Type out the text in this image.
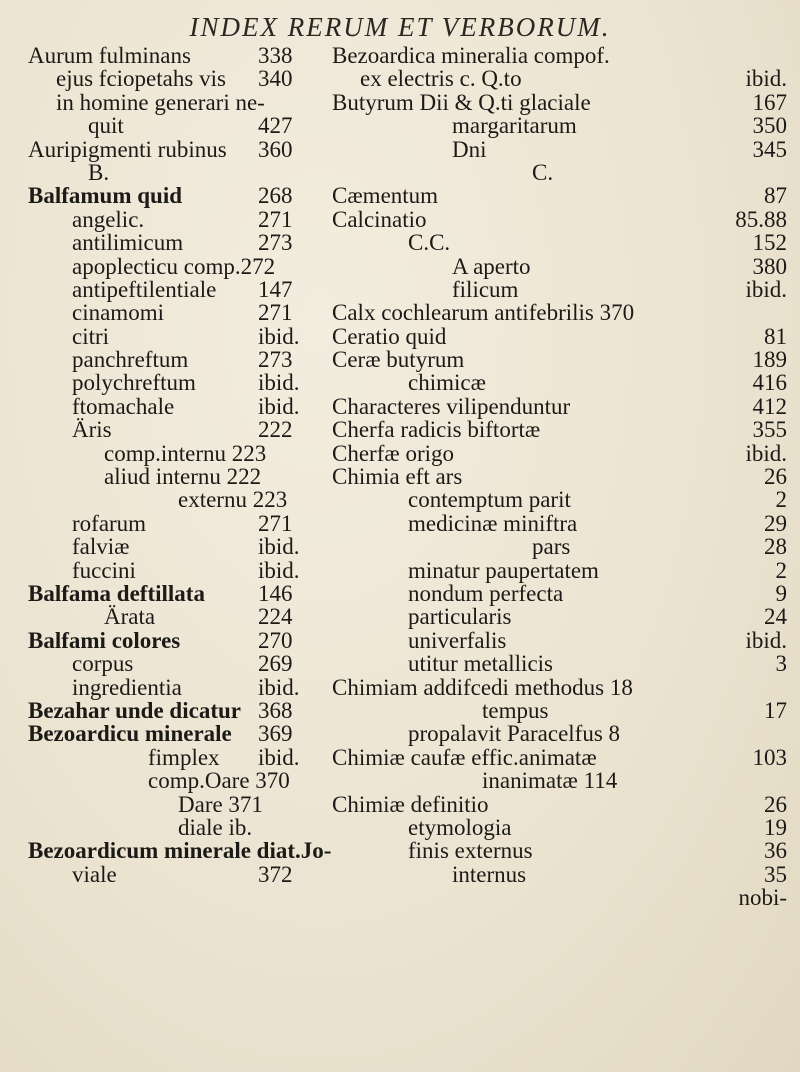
INDEX RERUM ET VERBORUM.
Aurum fulminans	338
ejus fciopetahs vis 340
in homine generari ne-
quit	427
Auripigmenti rubinus 360
B.
Balfamum quid	268
angelic.	271
antilimicum	273
apoplecticu comp.272
antipeftilentiale 147
cinamomi	271
citri	ibid.
panchreftum	273
polychreftum	ibid.
ftomachale	ibid.
Äris	222
comp.internu 223
aliud internu 222
externu 223
rofarum	271
falviæ	ibid.
fuccini	ibid.
Balfama deftillata 146
Ärata	224
Balfami colores	270
corpus	269
ingredientia	ibid.
Bezahar unde dicatur 368
Bezoardicu minerale 369
fimplex ibid.
comp.Oare 370
Dare 371
diale ib.
Bezoardicum minerale diat.Jo-
viale	372
Bezoardica mineralia compof.
ex electris c. Q.to	ibid.
Butyrum Dii & Q.ti glaciale	167
margaritarum	350
Dni	345
C.
Cæmentum	87
Calcinatio	85.88
C.C.	152
A aperto	380
filicum	ibid.
Calx cochlearum antifebrilis 370
Ceratio quid	81
Ceræ butyrum	189
chimicæ	416
Characteres vilipenduntur	412
Cherfa radicis biftortæ	355
Cherfæ origo	ibid.
Chimia eft ars	26
contemptum parit	2
medicinæ miniftra	29
pars	28
minatur paupertatem	2
nondum perfecta	9
particularis	24
univerfalis	ibid.
utitur metallicis	3
Chimiam addifcedi methodus 18
tempus	17
propalavit Paracelfus 8
Chimiæ caufæ effic.animatæ	103
inanimatæ 114
Chimiæ definitio	26
etymologia	19
finis externus	36
internus	35
nobi-
